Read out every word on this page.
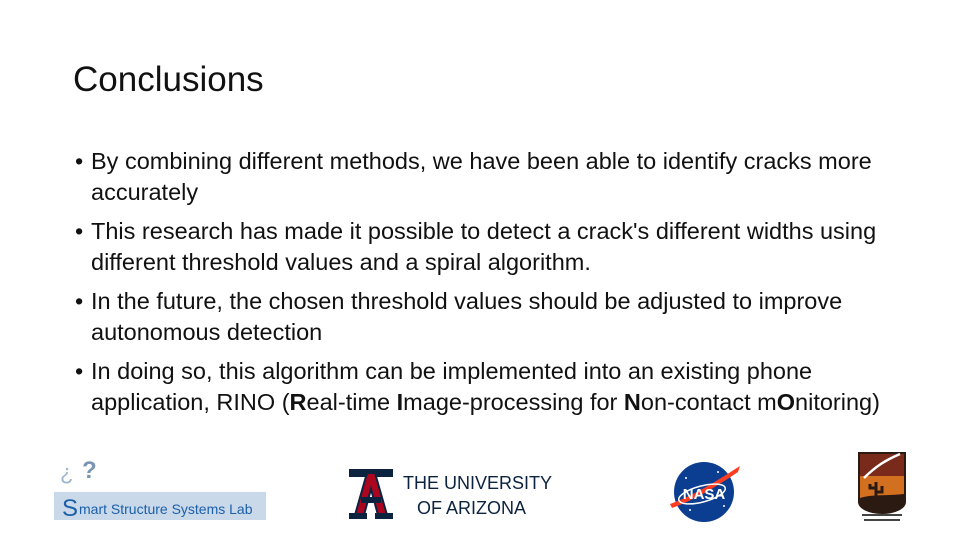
Conclusions
• By combining different methods, we have been able to identify cracks more accurately
• This research has made it possible to detect a crack's different widths using different threshold values and a spiral algorithm.
• In the future, the chosen threshold values should be adjusted to improve autonomous detection
• In doing so, this algorithm can be implemented into an existing phone application, RINO (Real-time Image-processing for Non-contact mOnitoring)
¿ ?
S mart Structure Systems Lab
THE UNIVERSITY
OF ARIZONA
NASA
